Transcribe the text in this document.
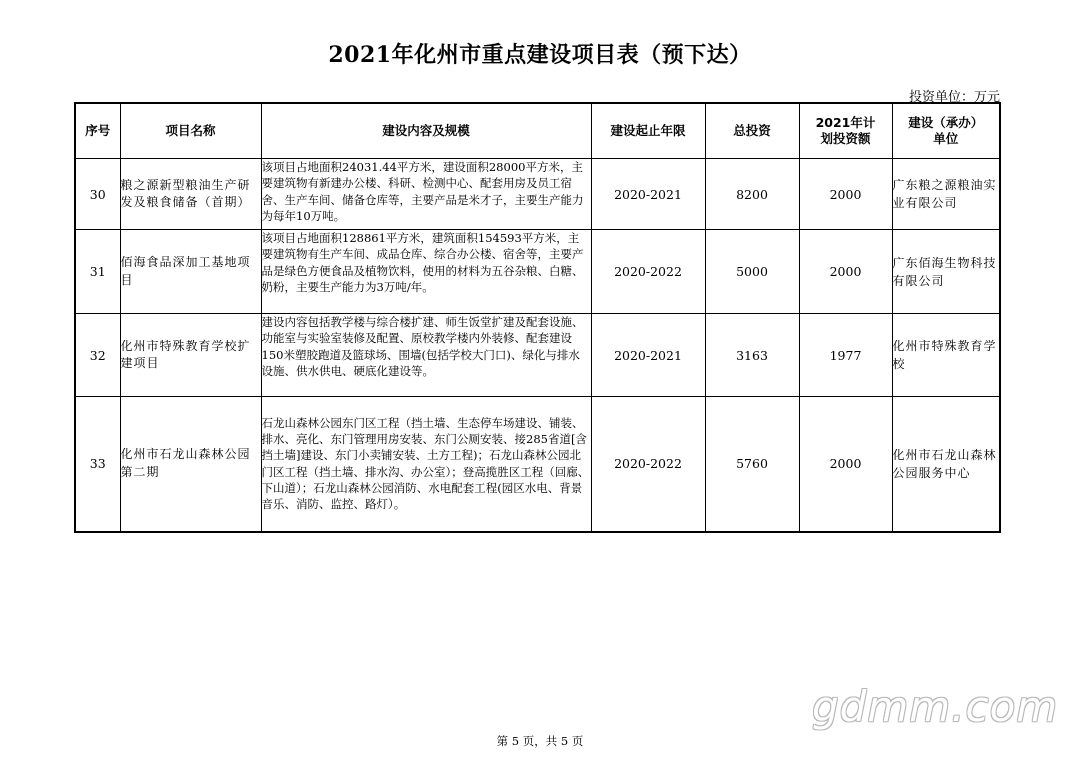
2021年化州市重点建设项目表（预下达）
投资单位：万元
序号	项目名称	建设内容及规模	建设起止年限	总投资	2021年计划投资额	建设（承办）单位
30	粮之源新型粮油生产研发及粮食储备（首期）	该项目占地面积24031.44平方米，建设面积28000平方米，主要建筑物有新建办公楼、科研、检测中心、配套用房及员工宿舍、生产车间、储备仓库等，主要产品是米才子，主要生产能力为每年10万吨。	2020-2021	8200	2000	广东粮之源粮油实业有限公司
31	佰海食品深加工基地项目	该项目占地面积128861平方米，建筑面积154593平方米，主要建筑物有生产车间、成品仓库、综合办公楼、宿舍等，主要产品是绿色方便食品及植物饮料，使用的材料为五谷杂粮、白糖、奶粉，主要生产能力为3万吨/年。	2020-2022	5000	2000	广东佰海生物科技有限公司
32	化州市特殊教育学校扩建项目	建设内容包括教学楼与综合楼扩建、师生饭堂扩建及配套设施、功能室与实验室装修及配置、原校教学楼内外装修、配套建设150米塑胶跑道及篮球场、围墙(包括学校大门口)、绿化与排水设施、供水供电、硬底化建设等。	2020-2021	3163	1977	化州市特殊教育学校
33	化州市石龙山森林公园第二期	石龙山森林公园东门区工程（挡土墙、生态停车场建设、铺装、排水、亮化、东门管理用房安装、东门公厕安装、接285省道[含挡土墙]建设、东门小卖铺安装、土方工程)；石龙山森林公园北门区工程（挡土墙、排水沟、办公室）；登高揽胜区工程（回廊、下山道）；石龙山森林公园消防、水电配套工程(园区水电、背景音乐、消防、监控、路灯）。	2020-2022	5760	2000	化州市石龙山森林公园服务中心
gdmm.com
第 5 页，共 5 页
